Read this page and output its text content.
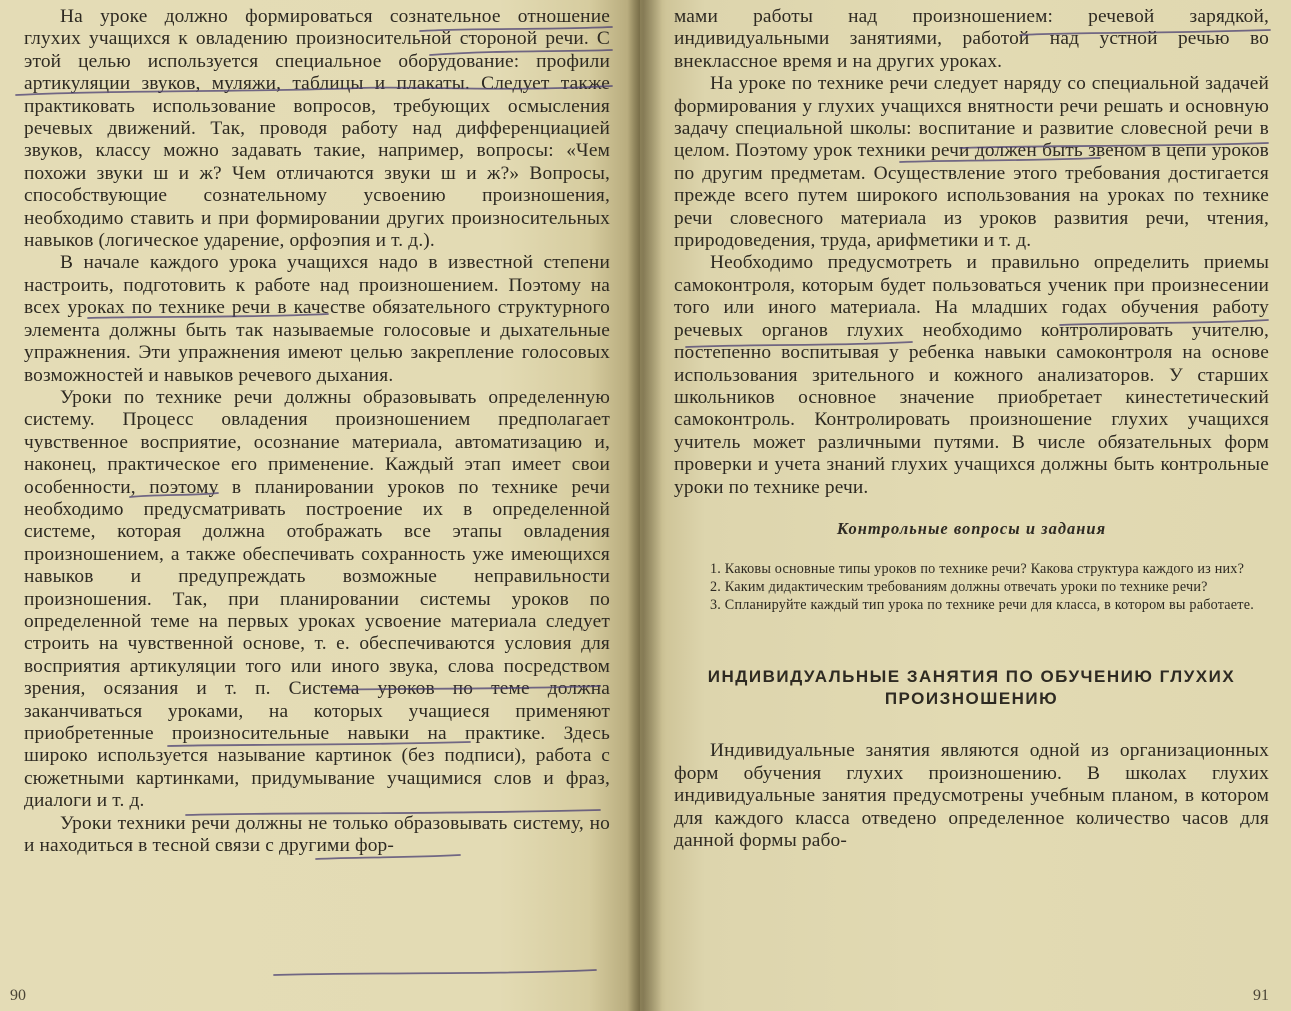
На уроке должно формироваться сознательное отношение глухих учащихся к овладению произносительной стороной речи. С этой целью используется специальное оборудование: профили артикуляции звуков, муляжи, таблицы и плакаты. Следует также практиковать использование вопросов, требующих осмысления речевых движений. Так, проводя работу над дифференциацией звуков, классу можно задавать такие, например, вопросы: «Чем похожи звуки ш и ж? Чем отличаются звуки ш и ж?» Вопросы, способствующие сознательному усвоению произношения, необходимо ставить и при формировании других произносительных навыков (логическое ударение, орфоэпия и т. д.).

В начале каждого урока учащихся надо в известной степени настроить, подготовить к работе над произношением. Поэтому на всех уроках по технике речи в качестве обязательного структурного элемента должны быть так называемые голосовые и дыхательные упражнения. Эти упражнения имеют целью закрепление голосовых возможностей и навыков речевого дыхания.

Уроки по технике речи должны образовывать определенную систему. Процесс овладения произношением предполагает чувственное восприятие, осознание материала, автоматизацию и, наконец, практическое его применение. Каждый этап имеет свои особенности, поэтому в планировании уроков по технике речи необходимо предусматривать построение их в определенной системе, которая должна отображать все этапы овладения произношением, а также обеспечивать сохранность уже имеющихся навыков и предупреждать возможные неправильности произношения. Так, при планировании системы уроков по определенной теме на первых уроках усвоение материала следует строить на чувственной основе, т. е. обеспечиваются условия для восприятия артикуляции того или иного звука, слова посредством зрения, осязания и т. п. Система уроков по теме должна заканчиваться уроками, на которых учащиеся применяют приобретенные произносительные навыки на практике. Здесь широко используется называние картинок (без подписи), работа с сюжетными картинками, придумывание учащимися слов и фраз, диалоги и т. д.

Уроки техники речи должны не только образовывать систему, но и находиться в тесной связи с другими фор-

90

мами работы над произношением: речевой зарядкой, индивидуальными занятиями, работой над устной речью во внеклассное время и на других уроках.

На уроке по технике речи следует наряду со специальной задачей формирования у глухих учащихся внятности речи решать и основную задачу специальной школы: воспитание и развитие словесной речи в целом. Поэтому урок техники речи должен быть звеном в цепи уроков по другим предметам. Осуществление этого требования достигается прежде всего путем широкого использования на уроках по технике речи словесного материала из уроков развития речи, чтения, природоведения, труда, арифметики и т. д.

Необходимо предусмотреть и правильно определить приемы самоконтроля, которым будет пользоваться ученик при произнесении того или иного материала. На младших годах обучения работу речевых органов глухих необходимо контролировать учителю, постепенно воспитывая у ребенка навыки самоконтроля на основе использования зрительного и кожного анализаторов. У старших школьников основное значение приобретает кинестетический самоконтроль. Контролировать произношение глухих учащихся учитель может различными путями. В числе обязательных форм проверки и учета знаний глухих учащихся должны быть контрольные уроки по технике речи.

Контрольные вопросы и задания

1. Каковы основные типы уроков по технике речи? Какова структура каждого из них?

2. Каким дидактическим требованиям должны отвечать уроки по технике речи?

3. Спланируйте каждый тип урока по технике речи для класса, в котором вы работаете.

ИНДИВИДУАЛЬНЫЕ ЗАНЯТИЯ ПО ОБУЧЕНИЮ ГЛУХИХ ПРОИЗНОШЕНИЮ

Индивидуальные занятия являются одной из организационных форм обучения глухих произношению. В школах глухих индивидуальные занятия предусмотрены учебным планом, в котором для каждого класса отведено определенное количество часов для данной формы рабо-

91
